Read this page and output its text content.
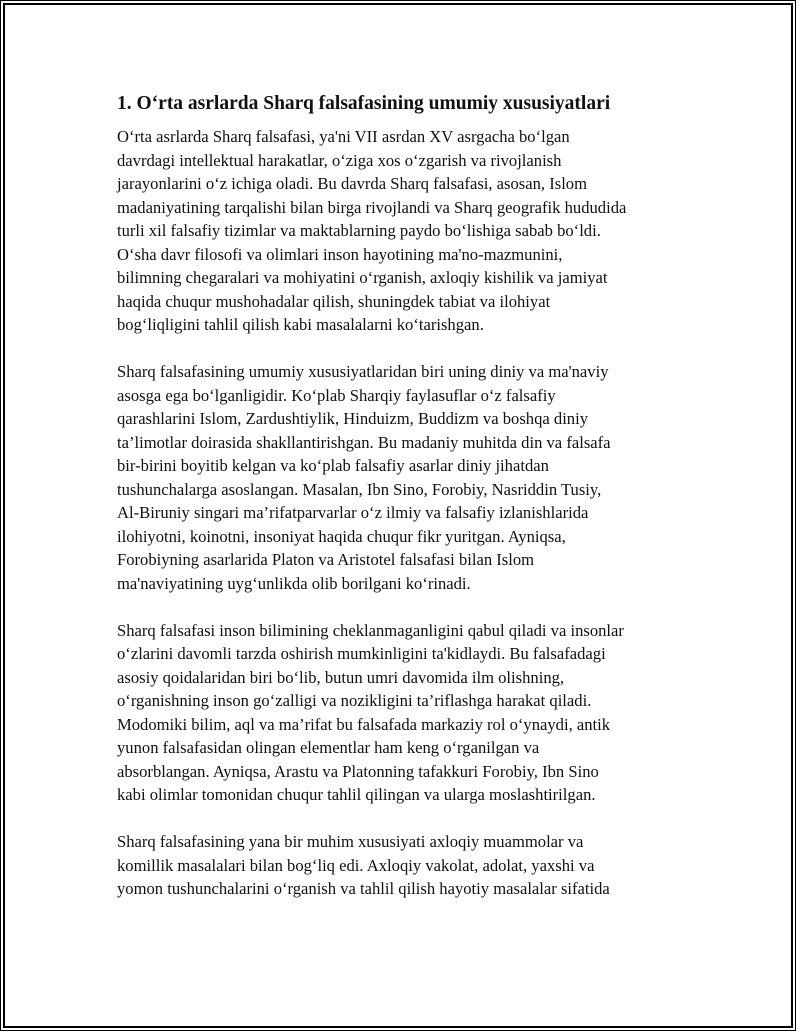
1. O‘rta asrlarda Sharq falsafasining umumiy xususiyatlari

O‘rta asrlarda Sharq falsafasi, ya'ni VII asrdan XV asrgacha bo‘lgan
davrdagi intellektual harakatlar, o‘ziga xos o‘zgarish va rivojlanish
jarayonlarini o‘z ichiga oladi. Bu davrda Sharq falsafasi, asosan, Islom
madaniyatining tarqalishi bilan birga rivojlandi va Sharq geografik hududida
turli xil falsafiy tizimlar va maktablarning paydo bo‘lishiga sabab bo‘ldi.
O‘sha davr filosofi va olimlari inson hayotining ma'no-mazmunini,
bilimning chegaralari va mohiyatini o‘rganish, axloqiy kishilik va jamiyat
haqida chuqur mushohadalar qilish, shuningdek tabiat va ilohiyat
bog‘liqligini tahlil qilish kabi masalalarni ko‘tarishgan.

Sharq falsafasining umumiy xususiyatlaridan biri uning diniy va ma'naviy
asosga ega bo‘lganligidir. Ko‘plab Sharqiy faylasuflar o‘z falsafiy
qarashlarini Islom, Zardushtiylik, Hinduizm, Buddizm va boshqa diniy
ta’limotlar doirasida shakllantirishgan. Bu madaniy muhitda din va falsafa
bir-birini boyitib kelgan va ko‘plab falsafiy asarlar diniy jihatdan
tushunchalarga asoslangan. Masalan, Ibn Sino, Forobiy, Nasriddin Tusiy,
Al-Biruniy singari ma’rifatparvarlar o‘z ilmiy va falsafiy izlanishlarida
ilohiyotni, koinotni, insoniyat haqida chuqur fikr yuritgan. Ayniqsa,
Forobiyning asarlarida Platon va Aristotel falsafasi bilan Islom
ma'naviyatining uyg‘unlikda olib borilgani ko‘rinadi.

Sharq falsafasi inson bilimining cheklanmaganligini qabul qiladi va insonlar
o‘zlarini davomli tarzda oshirish mumkinligini ta'kidlaydi. Bu falsafadagi
asosiy qoidalaridan biri bo‘lib, butun umri davomida ilm olishning,
o‘rganishning inson go‘zalligi va nozikligini ta’riflashga harakat qiladi.
Modomiki bilim, aql va ma’rifat bu falsafada markaziy rol o‘ynaydi, antik
yunon falsafasidan olingan elementlar ham keng o‘rganilgan va
absorblangan. Ayniqsa, Arastu va Platonning tafakkuri Forobiy, Ibn Sino
kabi olimlar tomonidan chuqur tahlil qilingan va ularga moslashtirilgan.

Sharq falsafasining yana bir muhim xususiyati axloqiy muammolar va
komillik masalalari bilan bog‘liq edi. Axloqiy vakolat, adolat, yaxshi va
yomon tushunchalarini o‘rganish va tahlil qilish hayotiy masalalar sifatida
